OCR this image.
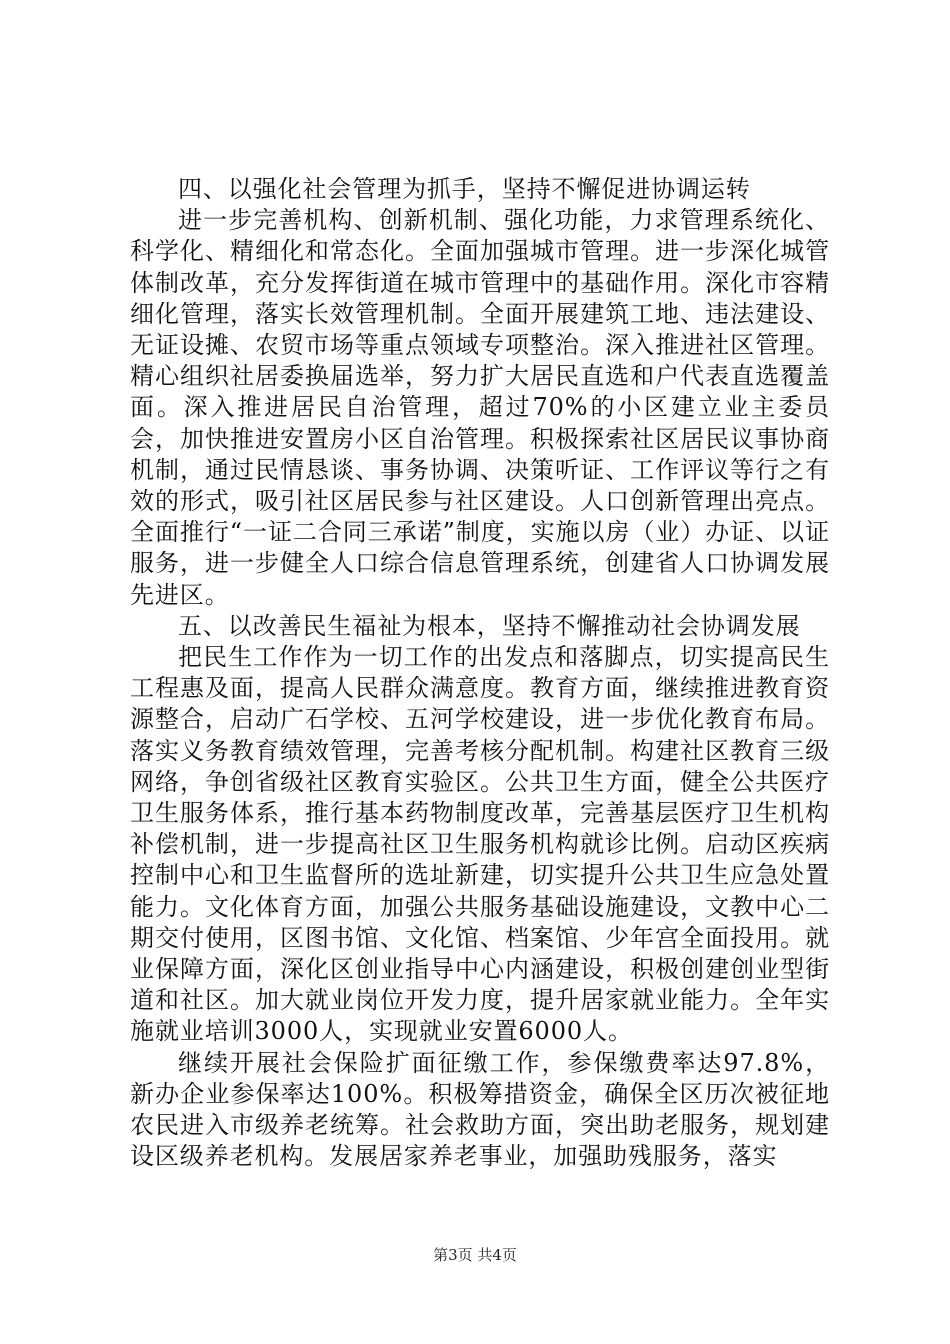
四、以强化社会管理为抓手，坚持不懈促进协调运转

进一步完善机构、创新机制、强化功能，力求管理系统化、科学化、精细化和常态化。全面加强城市管理。进一步深化城管体制改革，充分发挥街道在城市管理中的基础作用。深化市容精细化管理，落实长效管理机制。全面开展建筑工地、违法建设、无证设摊、农贸市场等重点领域专项整治。深入推进社区管理。精心组织社居委换届选举，努力扩大居民直选和户代表直选覆盖面。深入推进居民自治管理，超过70%的小区建立业主委员会，加快推进安置房小区自治管理。积极探索社区居民议事协商机制，通过民情恳谈、事务协调、决策听证、工作评议等行之有效的形式，吸引社区居民参与社区建设。人口创新管理出亮点。全面推行“一证二合同三承诺”制度，实施以房（业）办证、以证服务，进一步健全人口综合信息管理系统，创建省人口协调发展先进区。

五、以改善民生福祉为根本，坚持不懈推动社会协调发展

把民生工作作为一切工作的出发点和落脚点，切实提高民生工程惠及面，提高人民群众满意度。教育方面，继续推进教育资源整合，启动广石学校、五河学校建设，进一步优化教育布局。落实义务教育绩效管理，完善考核分配机制。构建社区教育三级网络，争创省级社区教育实验区。公共卫生方面，健全公共医疗卫生服务体系，推行基本药物制度改革，完善基层医疗卫生机构补偿机制，进一步提高社区卫生服务机构就诊比例。启动区疾病控制中心和卫生监督所的选址新建，切实提升公共卫生应急处置能力。文化体育方面，加强公共服务基础设施建设，文教中心二期交付使用，区图书馆、文化馆、档案馆、少年宫全面投用。就业保障方面，深化区创业指导中心内涵建设，积极创建创业型街道和社区。加大就业岗位开发力度，提升居家就业能力。全年实施就业培训3000人，实现就业安置6000人。

继续开展社会保险扩面征缴工作，参保缴费率达97.8%，新办企业参保率达100%。积极筹措资金，确保全区历次被征地农民进入市级养老统筹。社会救助方面，突出助老服务，规划建设区级养老机构。发展居家养老事业，加强助残服务，落实

第3页 共4页
